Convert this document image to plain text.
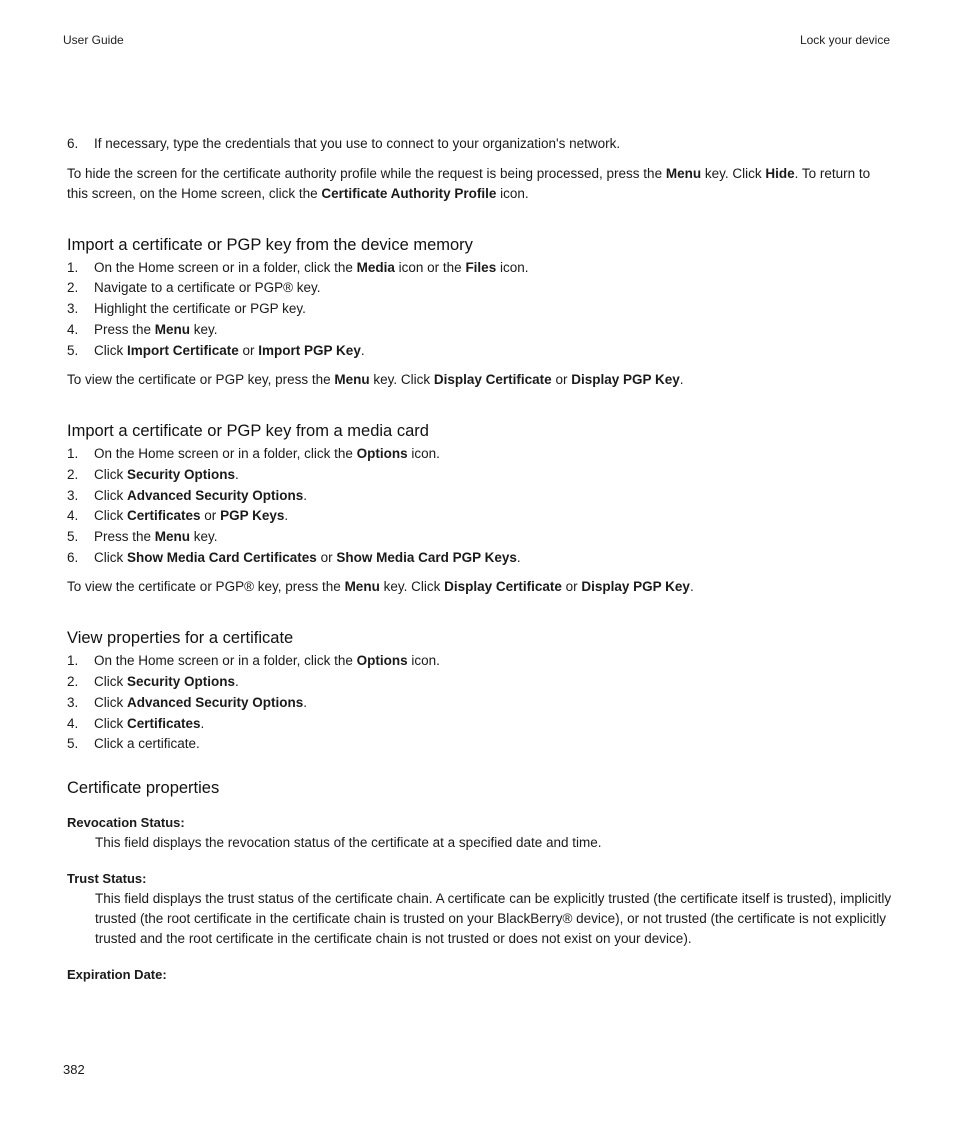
User Guide	Lock your device
6. If necessary, type the credentials that you use to connect to your organization's network.

To hide the screen for the certificate authority profile while the request is being processed, press the Menu key. Click Hide. To return to this screen, on the Home screen, click the Certificate Authority Profile icon.

Import a certificate or PGP key from the device memory
1. On the Home screen or in a folder, click the Media icon or the Files icon.
2. Navigate to a certificate or PGP® key.
3. Highlight the certificate or PGP key.
4. Press the Menu key.
5. Click Import Certificate or Import PGP Key.

To view the certificate or PGP key, press the Menu key. Click Display Certificate or Display PGP Key.

Import a certificate or PGP key from a media card
1. On the Home screen or in a folder, click the Options icon.
2. Click Security Options.
3. Click Advanced Security Options.
4. Click Certificates or PGP Keys.
5. Press the Menu key.
6. Click Show Media Card Certificates or Show Media Card PGP Keys.

To view the certificate or PGP® key, press the Menu key. Click Display Certificate or Display PGP Key.

View properties for a certificate
1. On the Home screen or in a folder, click the Options icon.
2. Click Security Options.
3. Click Advanced Security Options.
4. Click Certificates.
5. Click a certificate.
Certificate properties
Revocation Status:
This field displays the revocation status of the certificate at a specified date and time.
Trust Status:
This field displays the trust status of the certificate chain. A certificate can be explicitly trusted (the certificate itself is trusted), implicitly trusted (the root certificate in the certificate chain is trusted on your BlackBerry® device), or not trusted (the certificate is not explicitly trusted and the root certificate in the certificate chain is not trusted or does not exist on your device).
Expiration Date:
382
